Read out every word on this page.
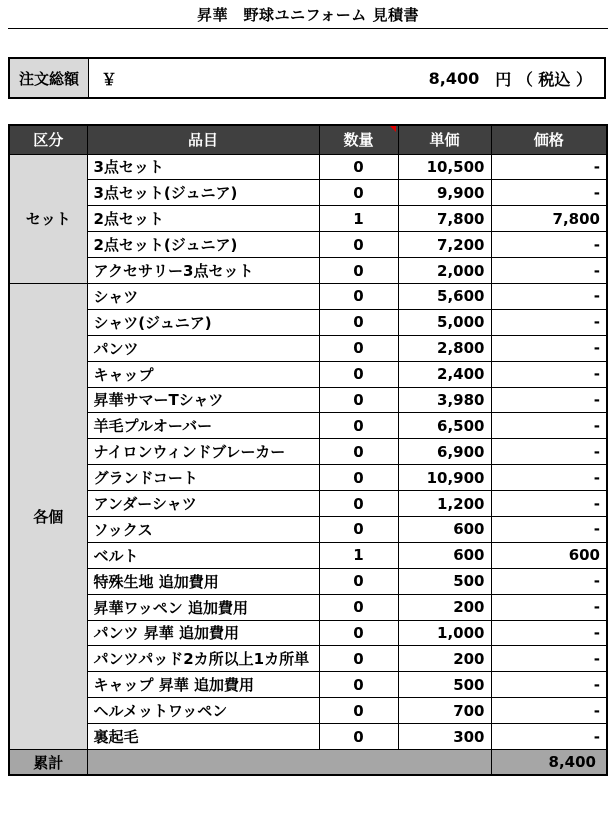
昇華　野球ユニフォーム 見積書
注文総額	￥	8,400 円 （ 税込 ）
区分	品目	数量	単価	価格
セット	3点セット	0	10,500	-
	3点セット(ジュニア)	0	9,900	-
	2点セット	1	7,800	7,800
	2点セット(ジュニア)	0	7,200	-
	アクセサリー3点セット	0	2,000	-
各個	シャツ	0	5,600	-
	シャツ(ジュニア)	0	5,000	-
	パンツ	0	2,800	-
	キャップ	0	2,400	-
	昇華サマーTシャツ	0	3,980	-
	羊毛プルオーバー	0	6,500	-
	ナイロンウィンドブレーカー	0	6,900	-
	グランドコート	0	10,900	-
	アンダーシャツ	0	1,200	-
	ソックス	0	600	-
	ベルト	1	600	600
	特殊生地 追加費用	0	500	-
	昇華ワッペン 追加費用	0	200	-
	パンツ 昇華 追加費用	0	1,000	-
	パンツパッド2カ所以上1カ所単	0	200	-
	キャップ 昇華 追加費用	0	500	-
	ヘルメットワッペン	0	700	-
	裏起毛	0	300	-
累計				8,400
